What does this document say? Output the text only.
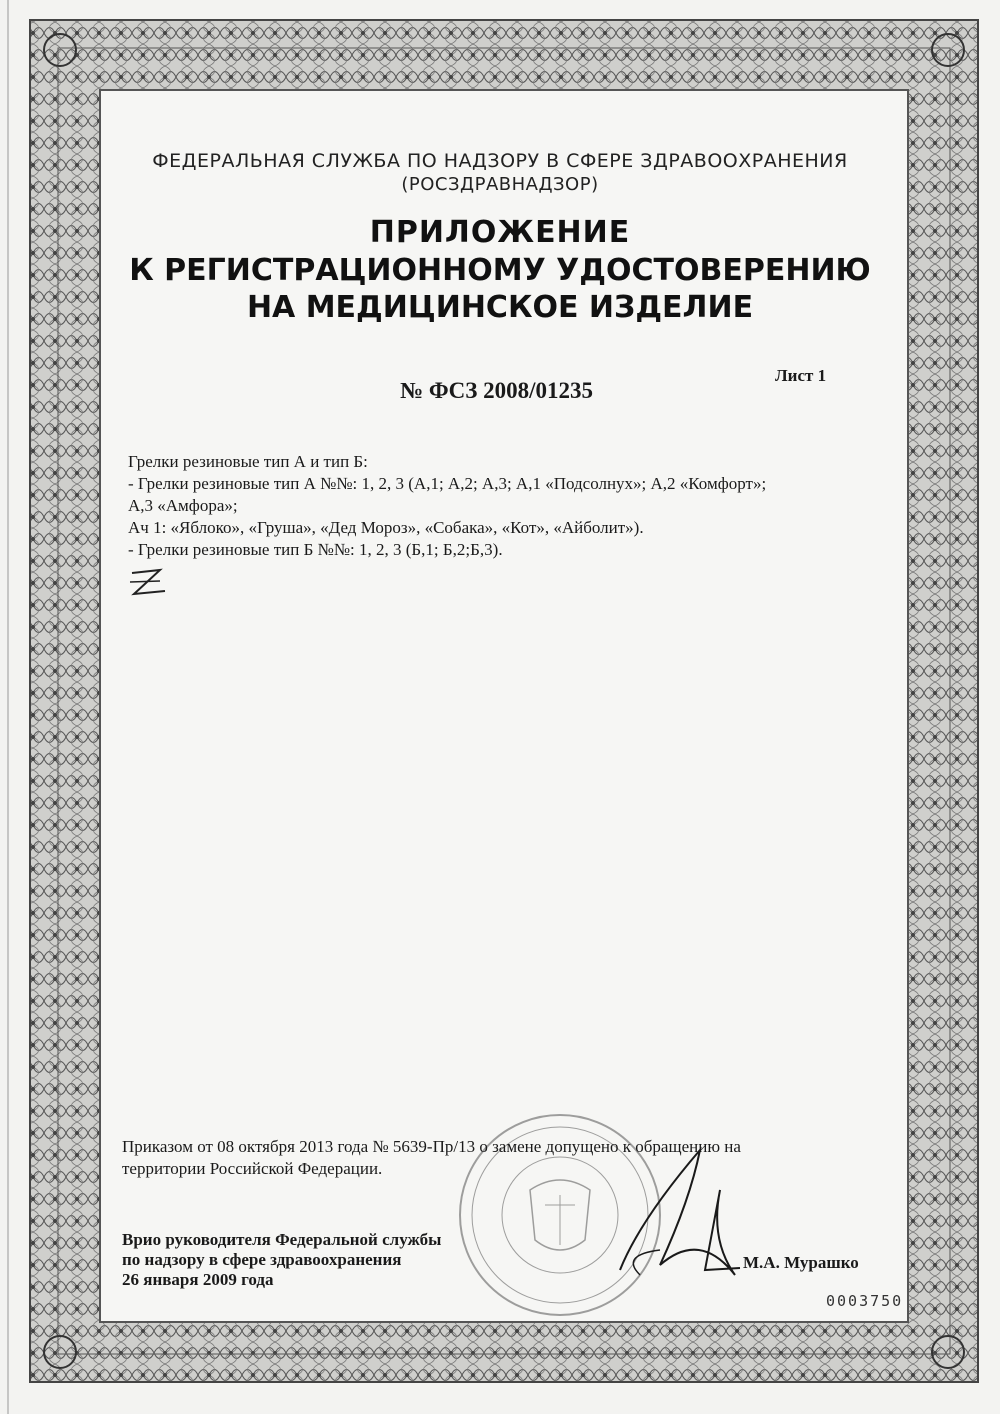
ФЕДЕРАЛЬНАЯ СЛУЖБА ПО НАДЗОРУ В СФЕРЕ ЗДРАВООХРАНЕНИЯ
(РОСЗДРАВНАДЗОР)
ПРИЛОЖЕНИЕ
К РЕГИСТРАЦИОННОМУ УДОСТОВЕРЕНИЮ
НА МЕДИЦИНСКОЕ ИЗДЕЛИЕ
Лист 1
№ ФСЗ 2008/01235
Грелки резиновые тип А и тип Б:
- Грелки резиновые тип А №№: 1, 2, 3 (А,1; А,2; А,3; А,1 «Подсолнух»; А,2 «Комфорт»;
А,3 «Амфора»;
Ач 1: «Яблоко», «Груша», «Дед Мороз», «Собака», «Кот», «Айболит»).
- Грелки резиновые тип Б №№: 1, 2, 3 (Б,1; Б,2;Б,3).
Приказом от 08 октября 2013 года № 5639-Пр/13 о замене допущено к обращению на
территории Российской Федерации.
Врио руководителя Федеральной службы
по надзору в сфере здравоохранения
26 января 2009 года
М.А. Мурашко
0003750
